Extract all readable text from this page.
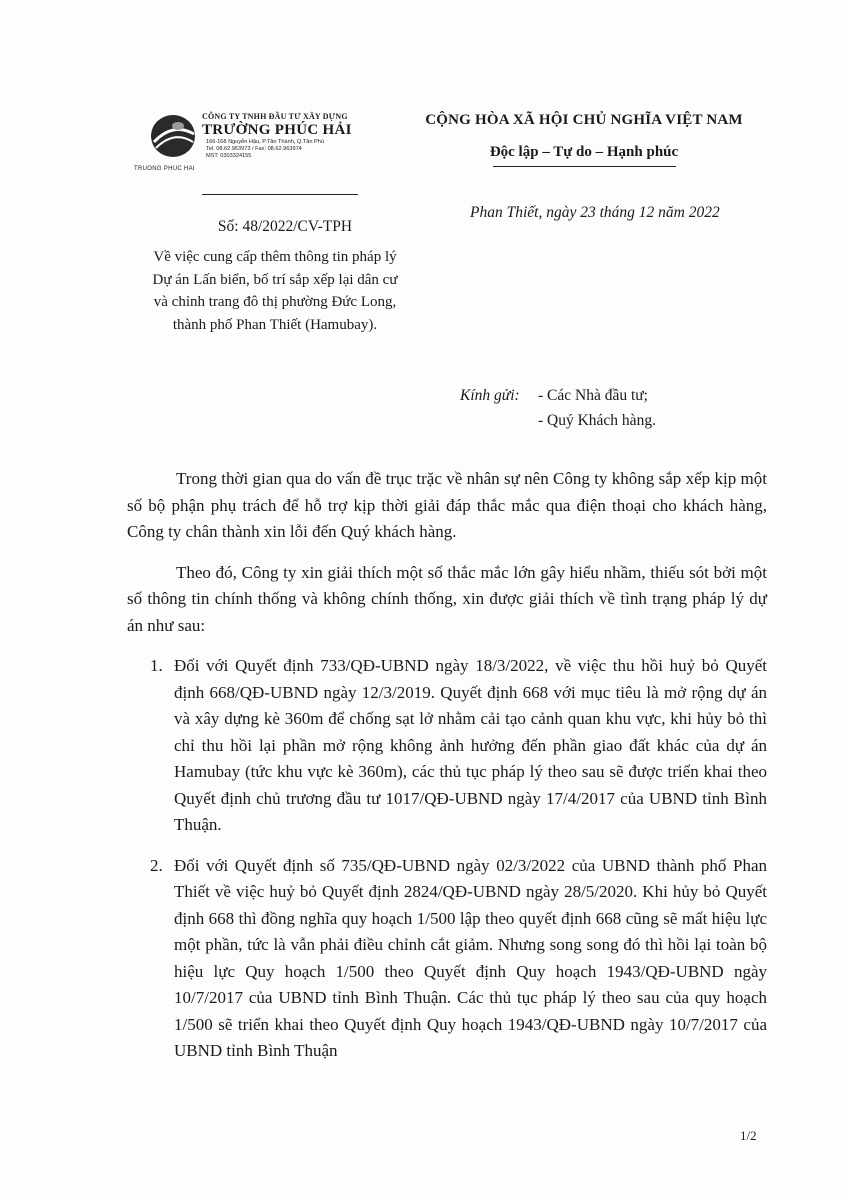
TRUONG PHUC HAI
CÔNG TY TNHH ĐẦU TƯ XÂY DỰNG
TRƯỜNG PHÚC HẢI
166-168 Nguyễn Hậu, P.Tân Thành, Q.Tân Phú
Tel: 08.62.963973 / Fax: 08.62.963974
MST: 0303324155
CỘNG HÒA XÃ HỘI CHỦ NGHĨA VIỆT NAM
Độc lập – Tự do – Hạnh phúc
Phan Thiết, ngày 23 tháng 12 năm 2022
Số: 48/2022/CV-TPH
Về việc cung cấp thêm thông tin pháp lý Dự án Lấn biển, bố trí sắp xếp lại dân cư và chỉnh trang đô thị phường Đức Long, thành phố Phan Thiết (Hamubay).
Kính gửi: - Các Nhà đầu tư;
- Quý Khách hàng.

Trong thời gian qua do vấn đề trục trặc về nhân sự nên Công ty không sắp xếp kịp một số bộ phận phụ trách để hỗ trợ kịp thời giải đáp thắc mắc qua điện thoại cho khách hàng, Công ty chân thành xin lỗi đến Quý khách hàng.

Theo đó, Công ty xin giải thích một số thắc mắc lớn gây hiểu nhầm, thiếu sót bởi một số thông tin chính thống và không chính thống, xin được giải thích về tình trạng pháp lý dự án như sau:

1. Đối với Quyết định 733/QĐ-UBND ngày 18/3/2022, về việc thu hồi huỷ bỏ Quyết định 668/QĐ-UBND ngày 12/3/2019. Quyết định 668 với mục tiêu là mở rộng dự án và xây dựng kè 360m để chống sạt lở nhằm cải tạo cảnh quan khu vực, khi hủy bỏ thì chỉ thu hồi lại phần mở rộng không ảnh hưởng đến phần giao đất khác của dự án Hamubay (tức khu vực kè 360m), các thủ tục pháp lý theo sau sẽ được triển khai theo Quyết định chủ trương đầu tư 1017/QĐ-UBND ngày 17/4/2017 của UBND tỉnh Bình Thuận.
2. Đối với Quyết định số 735/QĐ-UBND ngày 02/3/2022 của UBND thành phố Phan Thiết về việc huỷ bỏ Quyết định 2824/QĐ-UBND ngày 28/5/2020. Khi hủy bỏ Quyết định 668 thì đồng nghĩa quy hoạch 1/500 lập theo quyết định 668 cũng sẽ mất hiệu lực một phần, tức là vẫn phải điều chỉnh cắt giảm. Nhưng song song đó thì hồi lại toàn bộ hiệu lực Quy hoạch 1/500 theo Quyết định Quy hoạch 1943/QĐ-UBND ngày 10/7/2017 của UBND tỉnh Bình Thuận. Các thủ tục pháp lý theo sau của quy hoạch 1/500 sẽ triển khai theo Quyết định Quy hoạch 1943/QĐ-UBND ngày 10/7/2017 của UBND tỉnh Bình Thuận
1/2
